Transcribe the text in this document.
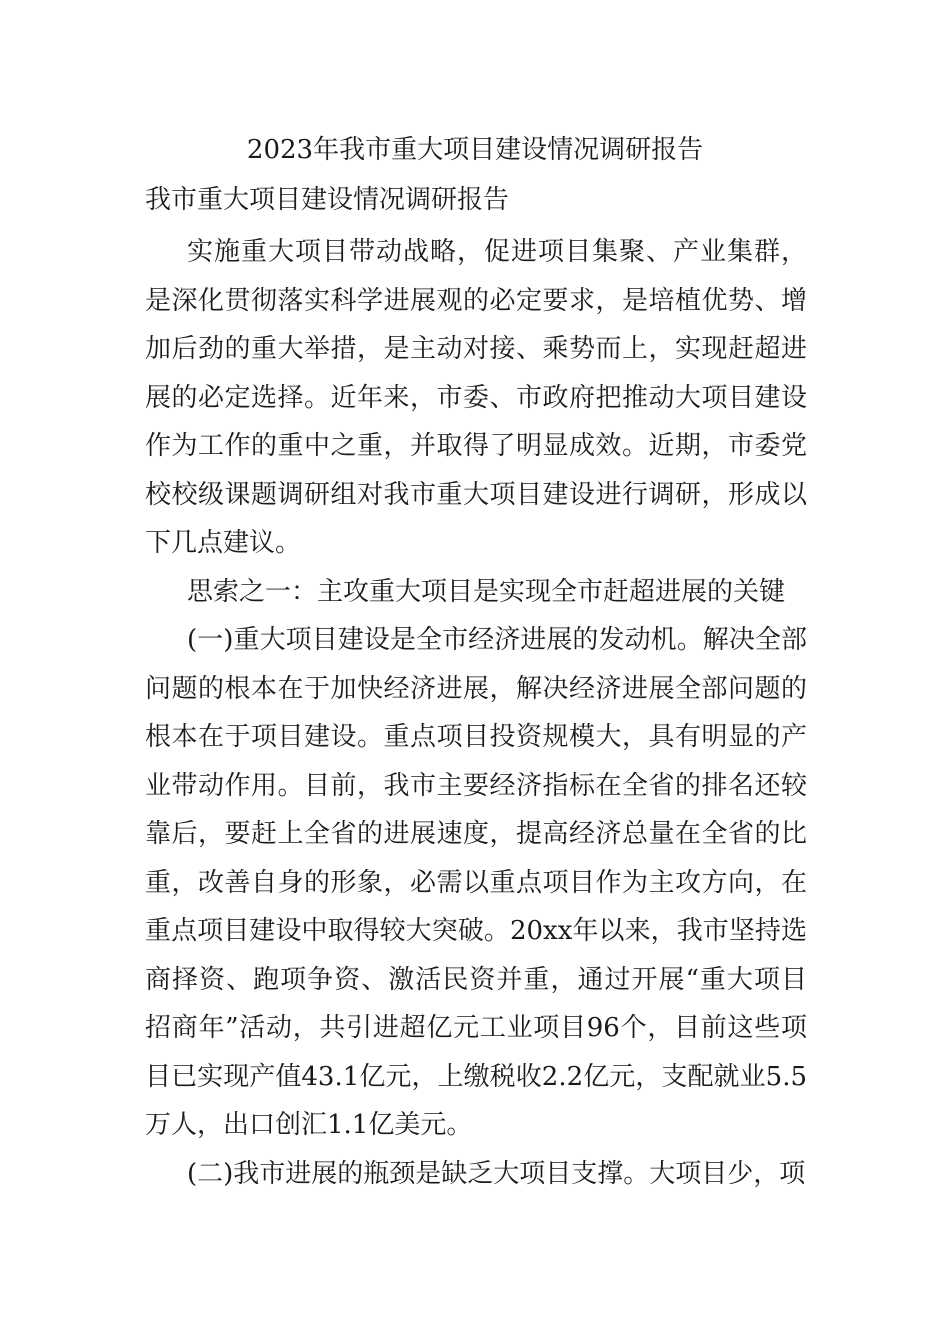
2023年我市重大项目建设情况调研报告

我市重大项目建设情况调研报告

实施重大项目带动战略，促进项目集聚、产业集群，是深化贯彻落实科学进展观的必定要求，是培植优势、增加后劲的重大举措，是主动对接、乘势而上，实现赶超进展的必定选择。近年来，市委、市政府把推动大项目建设作为工作的重中之重，并取得了明显成效。近期，市委党校校级课题调研组对我市重大项目建设进行调研，形成以下几点建议。

思索之一：主攻重大项目是实现全市赶超进展的关键

(一)重大项目建设是全市经济进展的发动机。解决全部问题的根本在于加快经济进展，解决经济进展全部问题的根本在于项目建设。重点项目投资规模大，具有明显的产业带动作用。目前，我市主要经济指标在全省的排名还较靠后，要赶上全省的进展速度，提高经济总量在全省的比重，改善自身的形象，必需以重点项目作为主攻方向，在重点项目建设中取得较大突破。20xx年以来，我市坚持选商择资、跑项争资、激活民资并重，通过开展“重大项目招商年”活动，共引进超亿元工业项目96个，目前这些项目已实现产值43.1亿元，上缴税收2.2亿元，支配就业5.5万人，出口创汇1.1亿美元。

(二)我市进展的瓶颈是缺乏大项目支撑。大项目少，项
